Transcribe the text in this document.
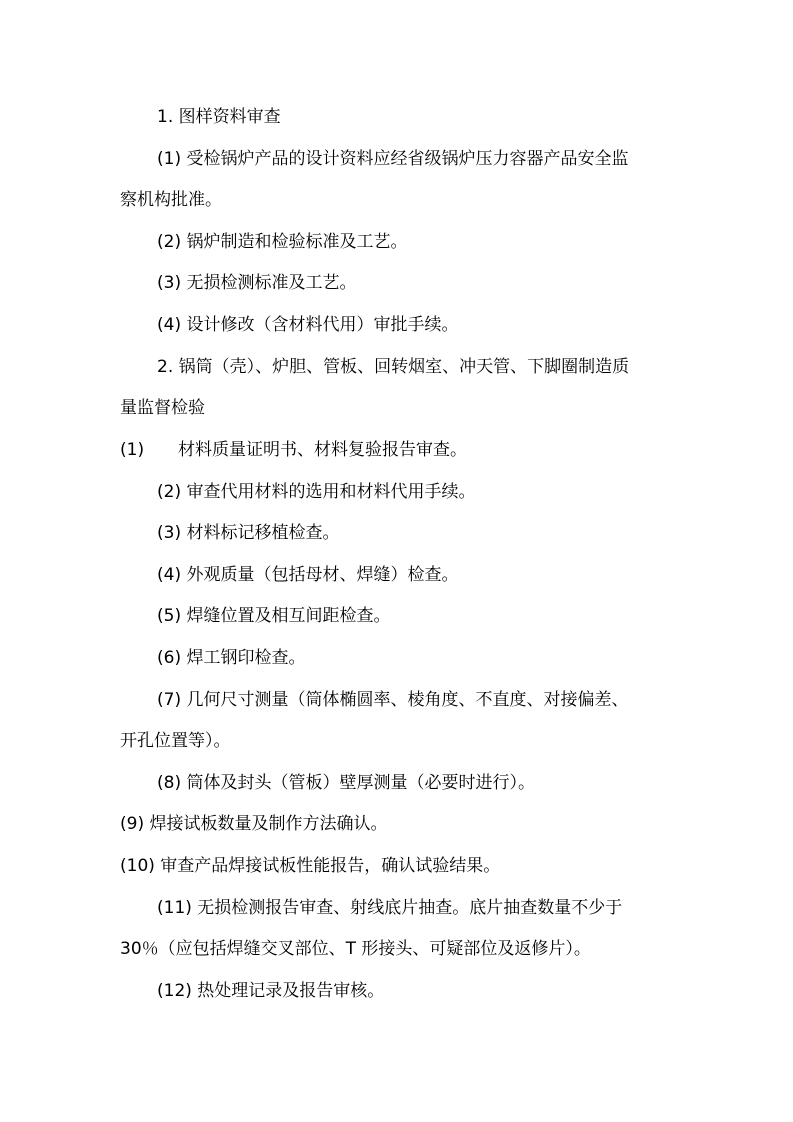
1. 图样资料审查
(1) 受检锅炉产品的设计资料应经省级锅炉压力容器产品安全监
察机构批准。
(2) 锅炉制造和检验标准及工艺。
(3) 无损检测标准及工艺。
(4) 设计修改（含材料代用）审批手续。
2. 锅筒（壳）、炉胆、管板、回转烟室、冲天管、下脚圈制造质
量监督检验
(1) 材料质量证明书、材料复验报告审查。
(2) 审查代用材料的选用和材料代用手续。
(3) 材料标记移植检查。
(4) 外观质量（包括母材、焊缝）检查。
(5) 焊缝位置及相互间距检查。
(6) 焊工钢印检查。
(7) 几何尺寸测量（筒体椭圆率、棱角度、不直度、对接偏差、
开孔位置等）。
(8) 筒体及封头（管板）壁厚测量（必要时进行）。
(9) 焊接试板数量及制作方法确认。
(10) 审查产品焊接试板性能报告，确认试验结果。
(11) 无损检测报告审查、射线底片抽查。底片抽查数量不少于
30％（应包括焊缝交叉部位、T 形接头、可疑部位及返修片）。
(12) 热处理记录及报告审核。
